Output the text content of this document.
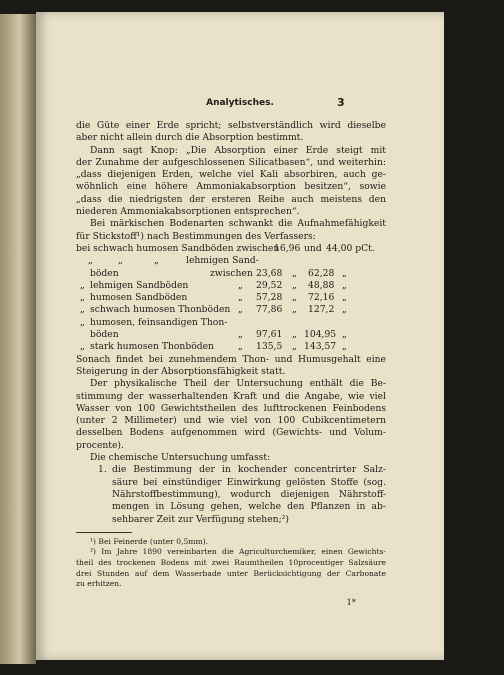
Analytisches.	3
die Güte einer Erde spricht; selbstverständlich wird dieselbe
aber nicht allein durch die Absorption bestimmt.
Dann sagt Knop: „Die Absorption einer Erde steigt mit
der Zunahme der aufgeschlossenen Silicatbasen“, und weiterhin:
„dass diejenigen Erden, welche viel Kali absorbiren, auch ge-
wöhnlich eine höhere Ammoniakabsorption besitzen“, sowie
„dass die niedrigsten der ersteren Reihe auch meistens den
niederen Ammoniakabsorptionen entsprechen“.
Bei märkischen Bodenarten schwankt die Aufnahmefähigkeit
für Stickstoff¹) nach Bestimmungen des Verfassers:
bei schwach humosen Sandböden zwischen
16,96 und 44,00 pCt.
„	„	„	lehmigen Sand-
böden	zwischen 23,68 „ 62,28 „
„ lehmigen Sandböden	„ 29,52 „ 48,88 „
„ humosen Sandböden	„ 57,28 „ 72,16 „
„ schwach humosen Thonböden „ 77,86 „ 127,2 „
„ humosen, feinsandigen Thon-
böden	„ 97,61 „ 104,95 „
„ stark humosen Thonböden	„ 135,5 „ 143,57 „
Sonach findet bei zunehmendem Thon- und Humusgehalt eine
Steigerung in der Absorptionsfähigkeit statt.
Der physikalische Theil der Untersuchung enthält die Be-
stimmung der wasserhaltenden Kraft und die Angabe, wie viel
Wasser von 100 Gewichtstheilen des lufttrockenen Feinbodens
(unter 2 Millimeter) und wie viel von 100 Cubikcentimetern
desselben Bodens aufgenommen wird (Gewichts- und Volum-
procente).
Die chemische Untersuchung umfasst:
1. die Bestimmung der in kochender concentrirter Salz-
säure bei einstündiger Einwirkung gelösten Stoffe (sog.
Nährstoffbestimmung), wodurch diejenigen Nährstoff-
mengen in Lösung gehen, welche den Pflanzen in ab-
sehbarer Zeit zur Verfügung stehen;²)
¹) Bei Feinerde (unter 0,5mm).
²) Im Jahre 1890 vereinbarten die Agriculturchemiker, einen Gewichts-
theil des trockenen Bodens mit zwei Raumtheilen 10procentiger Salzsäure
drei Stunden auf dem Wasserbade unter Berücksichtigung der Carbonate
zu erhitzen.
1*
